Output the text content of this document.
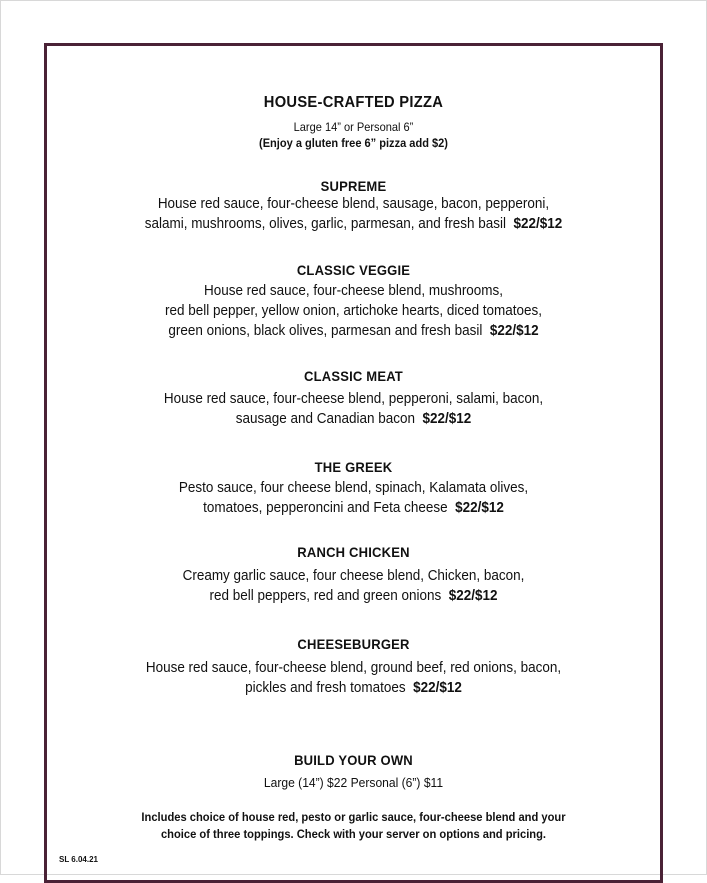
HOUSE-CRAFTED PIZZA
Large 14” or Personal 6”
(Enjoy a gluten free 6” pizza add $2)
SUPREME
House red sauce, four-cheese blend, sausage, bacon, pepperoni,
salami, mushrooms, olives, garlic, parmesan, and fresh basil $22/$12
CLASSIC VEGGIE
House red sauce, four-cheese blend, mushrooms,
red bell pepper, yellow onion, artichoke hearts, diced tomatoes,
green onions, black olives, parmesan and fresh basil $22/$12
CLASSIC MEAT
House red sauce, four-cheese blend, pepperoni, salami, bacon,
sausage and Canadian bacon $22/$12
THE GREEK
Pesto sauce, four cheese blend, spinach, Kalamata olives,
tomatoes, pepperoncini and Feta cheese $22/$12
RANCH CHICKEN
Creamy garlic sauce, four cheese blend, Chicken, bacon,
red bell peppers, red and green onions $22/$12
CHEESEBURGER
House red sauce, four-cheese blend, ground beef, red onions, bacon,
pickles and fresh tomatoes $22/$12
BUILD YOUR OWN
Large (14”) $22 Personal (6”) $11
Includes choice of house red, pesto or garlic sauce, four-cheese blend and your
choice of three toppings. Check with your server on options and pricing.
SL 6.04.21
